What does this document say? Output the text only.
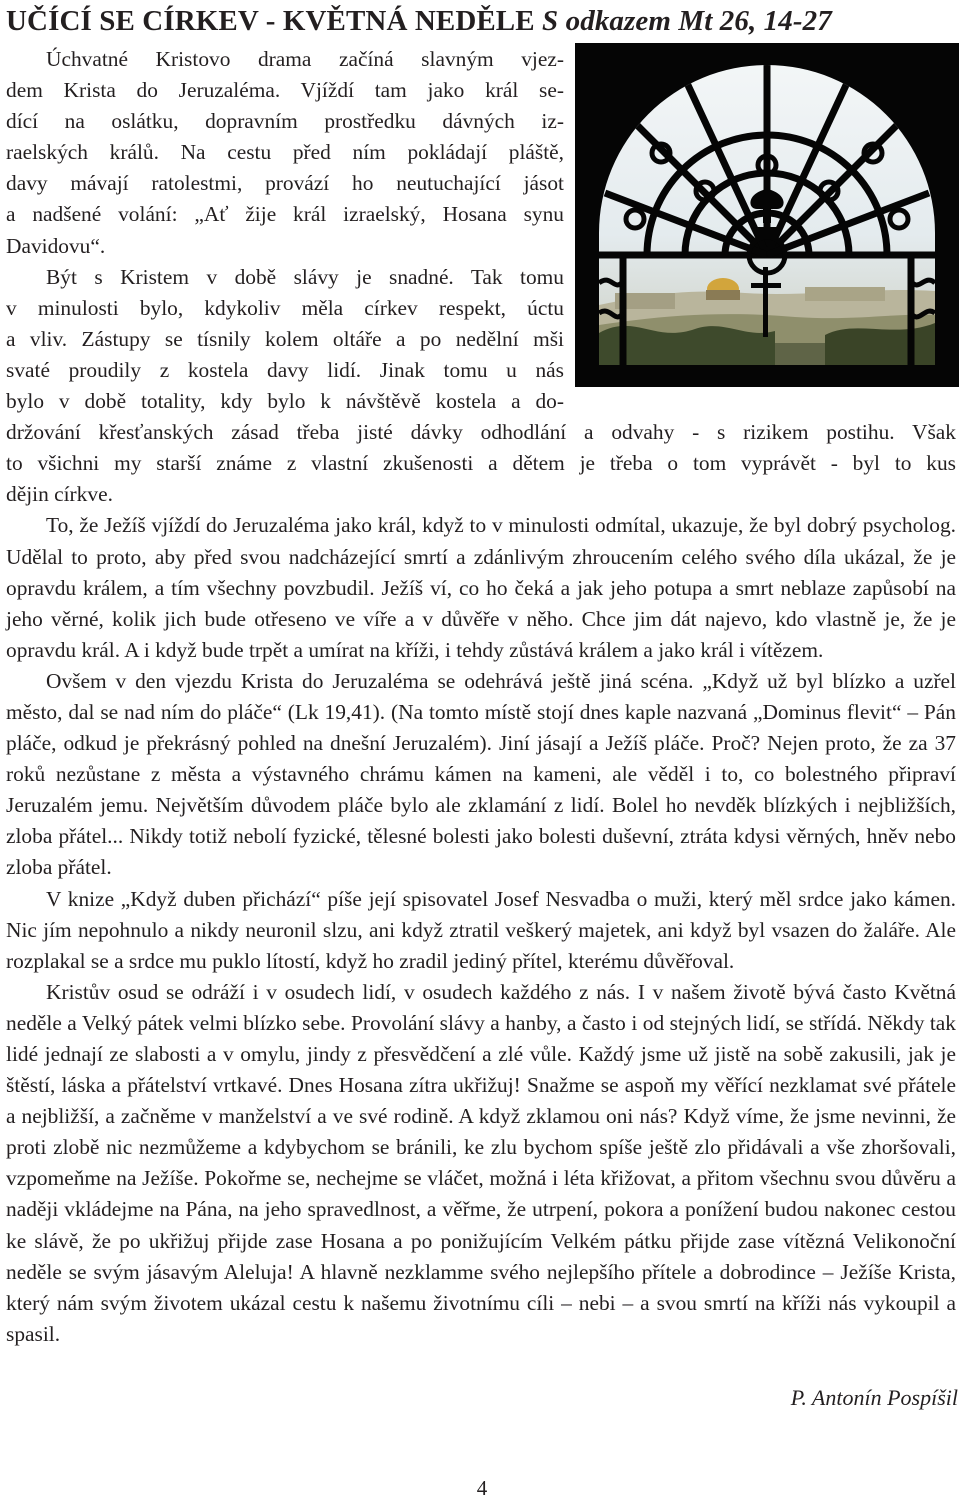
UČÍCÍ SE CÍRKEV - KVĚTNÁ NEDĚLE S odkazem Mt 26, 14-27

Úchvatné Kristovo drama začíná slavným vjez-
dem Krista do Jeruzaléma. Vjíždí tam jako král se-
dící na oslátku, dopravním prostředku dávných iz-
raelských králů. Na cestu před ním pokládají pláště,
davy mávají ratolestmi, provází ho neutuchající jásot
a nadšené volání: „Ať žije král izraelský, Hosana synu
Davidovu“.

Být s Kristem v době slávy je snadné. Tak tomu
v minulosti bylo, kdykoliv měla církev respekt, úctu
a vliv. Zástupy se tísnily kolem oltáře a po nedělní mši
svaté proudily z kostela davy lidí. Jinak tomu u nás
bylo v době totality, kdy bylo k návštěvě kostela a do-
držování křesťanských zásad třeba jisté dávky odhodlání a odvahy - s rizikem postihu. Však
to všichni my starší známe z vlastní zkušenosti a dětem je třeba o tom vyprávět - byl to kus
dějin církve.

To, že Ježíš vjíždí do Jeruzaléma jako král, když to v minulosti odmítal, ukazuje, že byl dobrý psycholog. Udělal to proto, aby před svou nadcházející smrtí a zdánlivým zhroucením celého svého díla ukázal, že je opravdu králem, a tím všechny povzbudil. Ježíš ví, co ho čeká a jak jeho potupa a smrt neblaze zapůsobí na jeho věrné, kolik jich bude otřeseno ve víře a v důvěře v něho. Chce jim dát najevo, kdo vlastně je, že je opravdu král. A i když bude trpět a umírat na kříži, i tehdy zůstává králem a jako král i vítězem.

Ovšem v den vjezdu Krista do Jeruzaléma se odehrává ještě jiná scéna. „Když už byl blízko a uzřel město, dal se nad ním do pláče“ (Lk 19,41). (Na tomto místě stojí dnes kaple nazvaná „Dominus flevit“ – Pán pláče, odkud je překrásný pohled na dnešní Jeruzalém). Jiní jásají a Ježíš pláče. Proč? Nejen proto, že za 37 roků nezůstane z města a výstavného chrámu kámen na kameni, ale věděl i to, co bolestného připraví Jeruzalém jemu. Největším důvodem pláče bylo ale zklamání z lidí. Bolel ho nevděk blízkých i nejbližších, zloba přátel... Nikdy totiž nebolí fyzické, tělesné bolesti jako bolesti duševní, ztráta kdysi věrných, hněv nebo zloba přátel.

V knize „Když duben přichází“ píše její spisovatel Josef Nesvadba o muži, který měl srdce jako kámen. Nic jím nepohnulo a nikdy neuronil slzu, ani když ztratil veškerý majetek, ani když byl vsazen do žaláře. Ale rozplakal se a srdce mu puklo lítostí, když ho zradil jediný přítel, kterému důvěřoval.

Kristův osud se odráží i v osudech lidí, v osudech každého z nás. I v našem životě bývá často Květná neděle a Velký pátek velmi blízko sebe. Provolání slávy a hanby, a často i od stejných lidí, se střídá. Někdy tak lidé jednají ze slabosti a v omylu, jindy z přesvědčení a zlé vůle. Každý jsme už jistě na sobě zakusili, jak je štěstí, láska a přátelství vrtkavé. Dnes Hosana zítra ukřižuj! Snažme se aspoň my věřící nezklamat své přátele a nejbližší, a začněme v manželství a ve své rodině. A když zklamou oni nás? Když víme, že jsme nevinni, že proti zlobě nic nezmůžeme a kdybychom se bránili, ke zlu bychom spíše ještě zlo přidávali a vše zhoršovali, vzpomeňme na Ježíše. Pokořme se, nechejme se vláčet, možná i léta křižovat, a přitom všechnu svou důvěru a naději vkládejme na Pána, na jeho spravedlnost, a věřme, že utrpení, pokora a ponížení budou nakonec cestou ke slávě, že po ukřižuj přijde zase Hosana a po ponižujícím Velkém pátku přijde zase vítězná Velikonoční neděle se svým jásavým Aleluja! A hlavně nezklamme svého nejlepšího přítele a dobrodince – Ježíše Krista, který nám svým životem ukázal cestu k našemu životnímu cíli – nebi – a svou smrtí na kříži nás vykoupil a spasil.

P. Antonín Pospíšil
4
